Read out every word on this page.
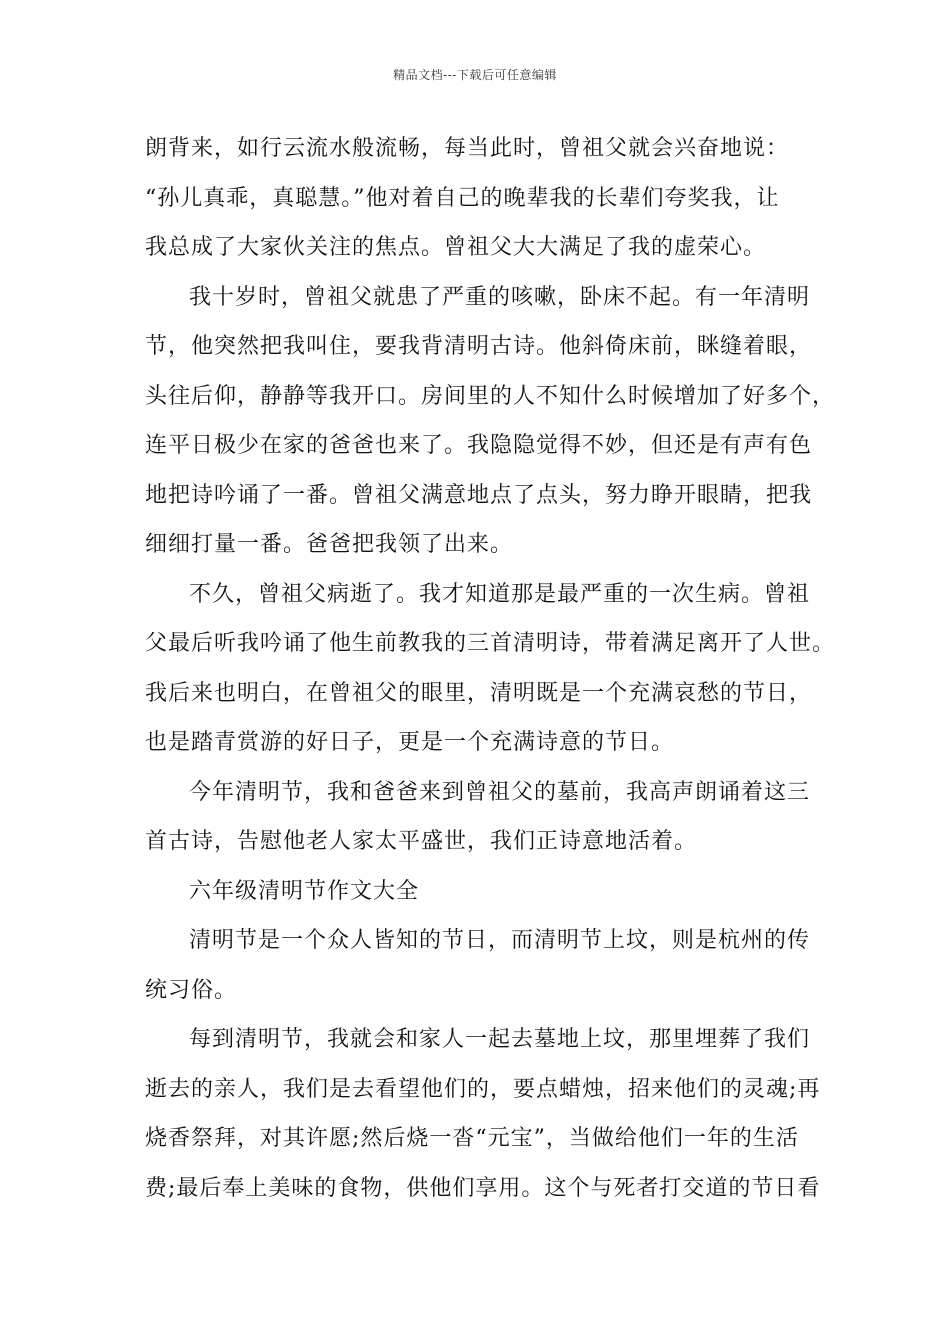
精品文档---下载后可任意编辑
朗背来，如行云流水般流畅，每当此时，曾祖父就会兴奋地说：
“孙儿真乖，真聪慧。”他对着自己的晚辈我的长辈们夸奖我，让
我总成了大家伙关注的焦点。曾祖父大大满足了我的虚荣心。
我十岁时，曾祖父就患了严重的咳嗽，卧床不起。有一年清明
节，他突然把我叫住，要我背清明古诗。他斜倚床前，眯缝着眼，
头往后仰，静静等我开口。房间里的人不知什么时候增加了好多个，
连平日极少在家的爸爸也来了。我隐隐觉得不妙，但还是有声有色
地把诗吟诵了一番。曾祖父满意地点了点头，努力睁开眼睛，把我
细细打量一番。爸爸把我领了出来。
不久，曾祖父病逝了。我才知道那是最严重的一次生病。曾祖
父最后听我吟诵了他生前教我的三首清明诗，带着满足离开了人世。
我后来也明白，在曾祖父的眼里，清明既是一个充满哀愁的节日，
也是踏青赏游的好日子，更是一个充满诗意的节日。
今年清明节，我和爸爸来到曾祖父的墓前，我高声朗诵着这三
首古诗，告慰他老人家太平盛世，我们正诗意地活着。
六年级清明节作文大全
清明节是一个众人皆知的节日，而清明节上坟，则是杭州的传
统习俗。
每到清明节，我就会和家人一起去墓地上坟，那里埋葬了我们
逝去的亲人，我们是去看望他们的，要点蜡烛，招来他们的灵魂;再
烧香祭拜，对其许愿;然后烧一沓“元宝”，当做给他们一年的生活
费;最后奉上美味的食物，供他们享用。这个与死者打交道的节日看
